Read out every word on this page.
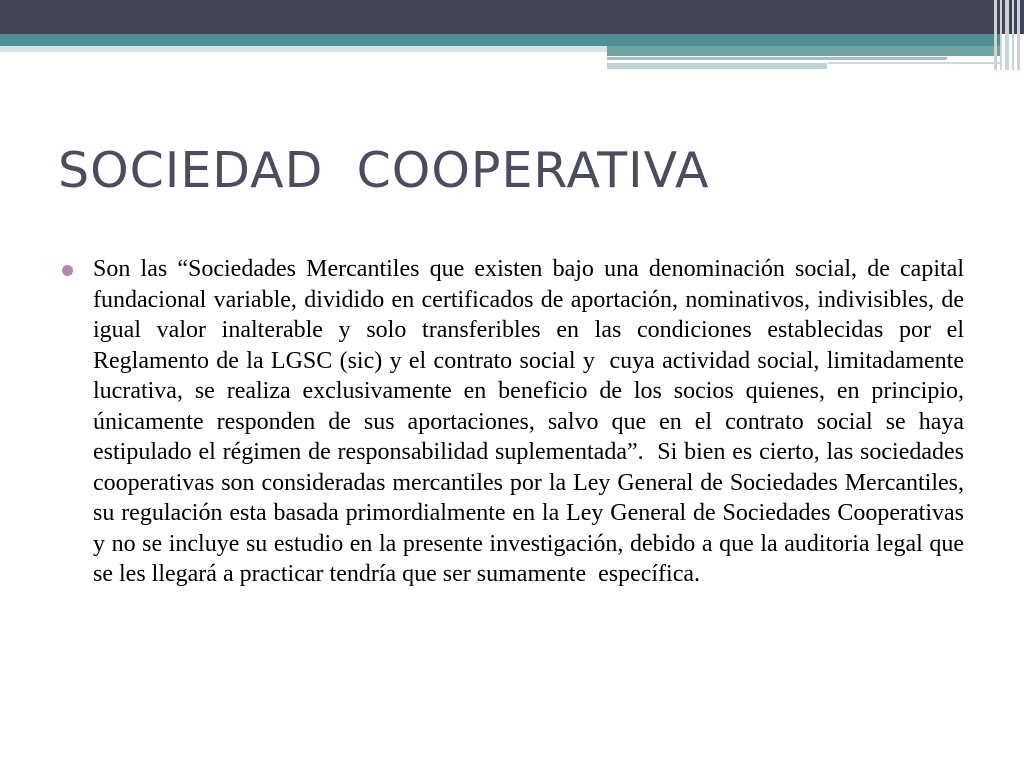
SOCIEDAD  COOPERATIVA

Son las “Sociedades Mercantiles que existen bajo una denominación social, de capital fundacional variable, dividido en certificados de aportación, nominativos, indivisibles, de igual valor inalterable y solo transferibles en las condiciones establecidas por el Reglamento de la LGSC (sic) y el contrato social y  cuya actividad social, limitadamente lucrativa, se realiza exclusivamente en beneficio de los socios quienes, en principio, únicamente responden de sus aportaciones, salvo que en el contrato social se haya estipulado el régimen de responsabilidad suplementada”.  Si bien es cierto, las sociedades cooperativas son consideradas mercantiles por la Ley General de Sociedades Mercantiles, su regulación esta basada primordialmente en la Ley General de Sociedades Cooperativas y no se incluye su estudio en la presente investigación, debido a que la auditoria legal que se les llegará a practicar tendría que ser sumamente  específica.
